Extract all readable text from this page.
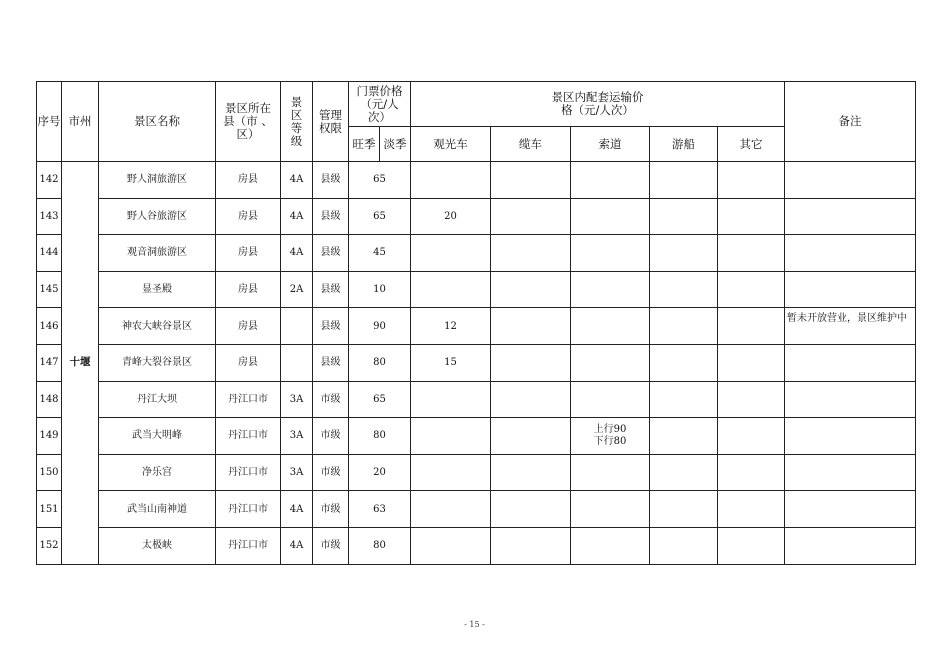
序号	市州	景区名称	景区所在县（市 、区）	景区等级	管理权限	门票价格（元/人次）		景区内配套运输价格（元/人次）					备注
						旺季	淡季	观光车	缆车	索道	游船	其它	
142	十堰	野人洞旅游区	房县	4A	县级	65							
143		野人谷旅游区	房县	4A	县级	65		20					
144		观音洞旅游区	房县	4A	县级	45							
145		显圣殿	房县	2A	县级	10							
146		神农大峡谷景区	房县		县级	90		12					暂未开放营业，景区维护中
147		青峰大裂谷景区	房县		县级	80		15					
148		丹江大坝	丹江口市	3A	市级	65							
149		武当大明峰	丹江口市	3A	市级	80				上行90
下行80			
150		净乐宫	丹江口市	3A	市级	20							
151		武当山南神道	丹江口市	4A	市级	63							
152		太极峡	丹江口市	4A	市级	80							
- 15 -
